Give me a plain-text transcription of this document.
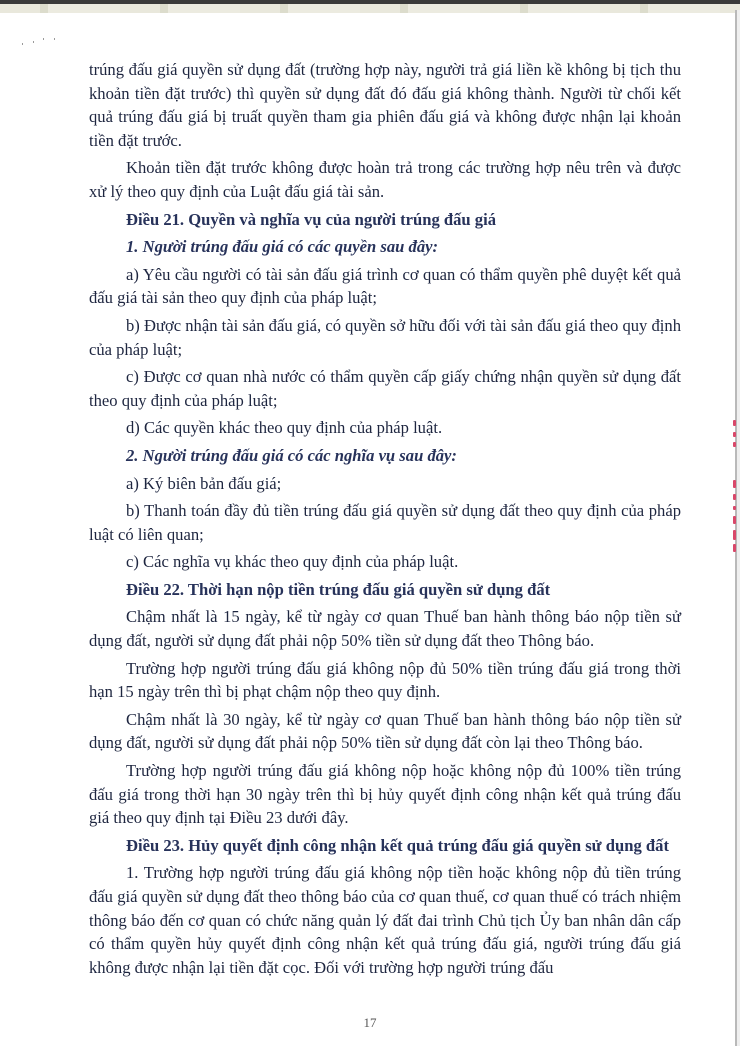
trúng đấu giá quyền sử dụng đất (trường hợp này, người trả giá liền kề không bị tịch thu khoản tiền đặt trước) thì quyền sử dụng đất đó đấu giá không thành. Người từ chối kết quả trúng đấu giá bị truất quyền tham gia phiên đấu giá và không được nhận lại khoản tiền đặt trước.

Khoản tiền đặt trước không được hoàn trả trong các trường hợp nêu trên và được xử lý theo quy định của Luật đấu giá tài sản.

Điều 21. Quyền và nghĩa vụ của người trúng đấu giá

1. Người trúng đấu giá có các quyền sau đây:

a) Yêu cầu người có tài sản đấu giá trình cơ quan có thẩm quyền phê duyệt kết quả đấu giá tài sản theo quy định của pháp luật;

b) Được nhận tài sản đấu giá, có quyền sở hữu đối với tài sản đấu giá theo quy định của pháp luật;

c) Được cơ quan nhà nước có thẩm quyền cấp giấy chứng nhận quyền sử dụng đất theo quy định của pháp luật;

d) Các quyền khác theo quy định của pháp luật.

2. Người trúng đấu giá có các nghĩa vụ sau đây:

a) Ký biên bản đấu giá;

b) Thanh toán đầy đủ tiền trúng đấu giá quyền sử dụng đất theo quy định của pháp luật có liên quan;

c) Các nghĩa vụ khác theo quy định của pháp luật.

Điều 22. Thời hạn nộp tiền trúng đấu giá quyền sử dụng đất

Chậm nhất là 15 ngày, kể từ ngày cơ quan Thuế ban hành thông báo nộp tiền sử dụng đất, người sử dụng đất phải nộp 50% tiền sử dụng đất theo Thông báo.

Trường hợp người trúng đấu giá không nộp đủ 50% tiền trúng đấu giá trong thời hạn 15 ngày trên thì bị phạt chậm nộp theo quy định.

Chậm nhất là 30 ngày, kể từ ngày cơ quan Thuế ban hành thông báo nộp tiền sử dụng đất, người sử dụng đất phải nộp 50% tiền sử dụng đất còn lại theo Thông báo.

Trường hợp người trúng đấu giá không nộp hoặc không nộp đủ 100% tiền trúng đấu giá trong thời hạn 30 ngày trên thì bị hủy quyết định công nhận kết quả trúng đấu giá theo quy định tại Điều 23 dưới đây.

Điều 23. Hủy quyết định công nhận kết quả trúng đấu giá quyền sử dụng đất

1. Trường hợp người trúng đấu giá không nộp tiền hoặc không nộp đủ tiền trúng đấu giá quyền sử dụng đất theo thông báo của cơ quan thuế, cơ quan thuế có trách nhiệm thông báo đến cơ quan có chức năng quản lý đất đai trình Chủ tịch Ủy ban nhân dân cấp có thẩm quyền hủy quyết định công nhận kết quả trúng đấu giá, người trúng đấu giá không được nhận lại tiền đặt cọc. Đối với trường hợp người trúng đấu

17
